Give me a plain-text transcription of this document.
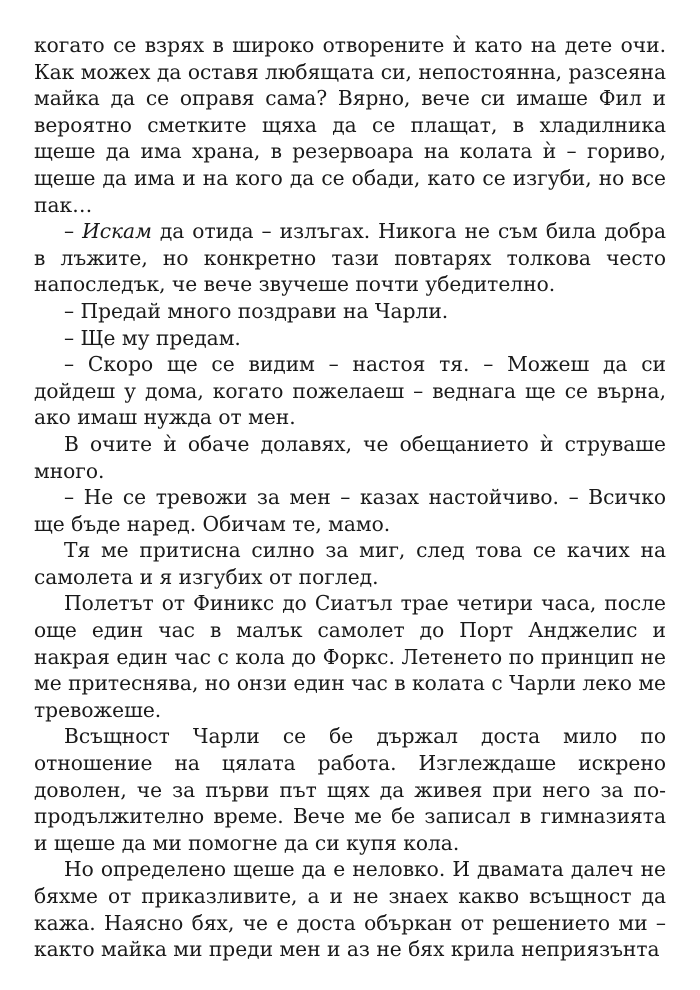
когато се взрях в широко отворените ѝ като на дете очи. Как можех да оставя любящата си, непостоянна, разсеяна майка да се оправя сама? Вярно, вече си имаше Фил и вероятно сметките щяха да се плащат, в хладилника щеше да има храна, в резервоара на колата ѝ – гориво, щеше да има и на кого да се обади, като се изгуби, но все пак…

– Искам да отида – излъгах. Никога не съм била добра в лъжите, но конкретно тази повтарях толкова често напоследък, че вече звучеше почти убедително.

– Предай много поздрави на Чарли.

– Ще му предам.

– Скоро ще се видим – настоя тя. – Можеш да си дойдеш у дома, когато пожелаеш – веднага ще се върна, ако имаш нужда от мен.

В очите ѝ обаче долавях, че обещанието ѝ струваше много.

– Не се тревожи за мен – казах настойчиво. – Всичко ще бъде наред. Обичам те, мамо.

Тя ме притисна силно за миг, след това се качих на самолета и я изгубих от поглед.

Полетът от Финикс до Сиатъл трае четири часа, после още един час в малък самолет до Порт Анджелис и накрая един час с кола до Форкс. Летенето по принцип не ме притеснява, но онзи един час в колата с Чарли леко ме тревожеше.

Всъщност Чарли се бе държал доста мило по отношение на цялата работа. Изглеждаше искрено доволен, че за първи път щях да живея при него за по-продължително време. Вече ме бе записал в гимназията и щеше да ми помогне да си купя кола.

Но определено щеше да е неловко. И двамата далеч не бяхме от приказливите, а и не знаех какво всъщност да кажа. Наясно бях, че е доста объркан от решението ми – както майка ми преди мен и аз не бях крила неприязънта
